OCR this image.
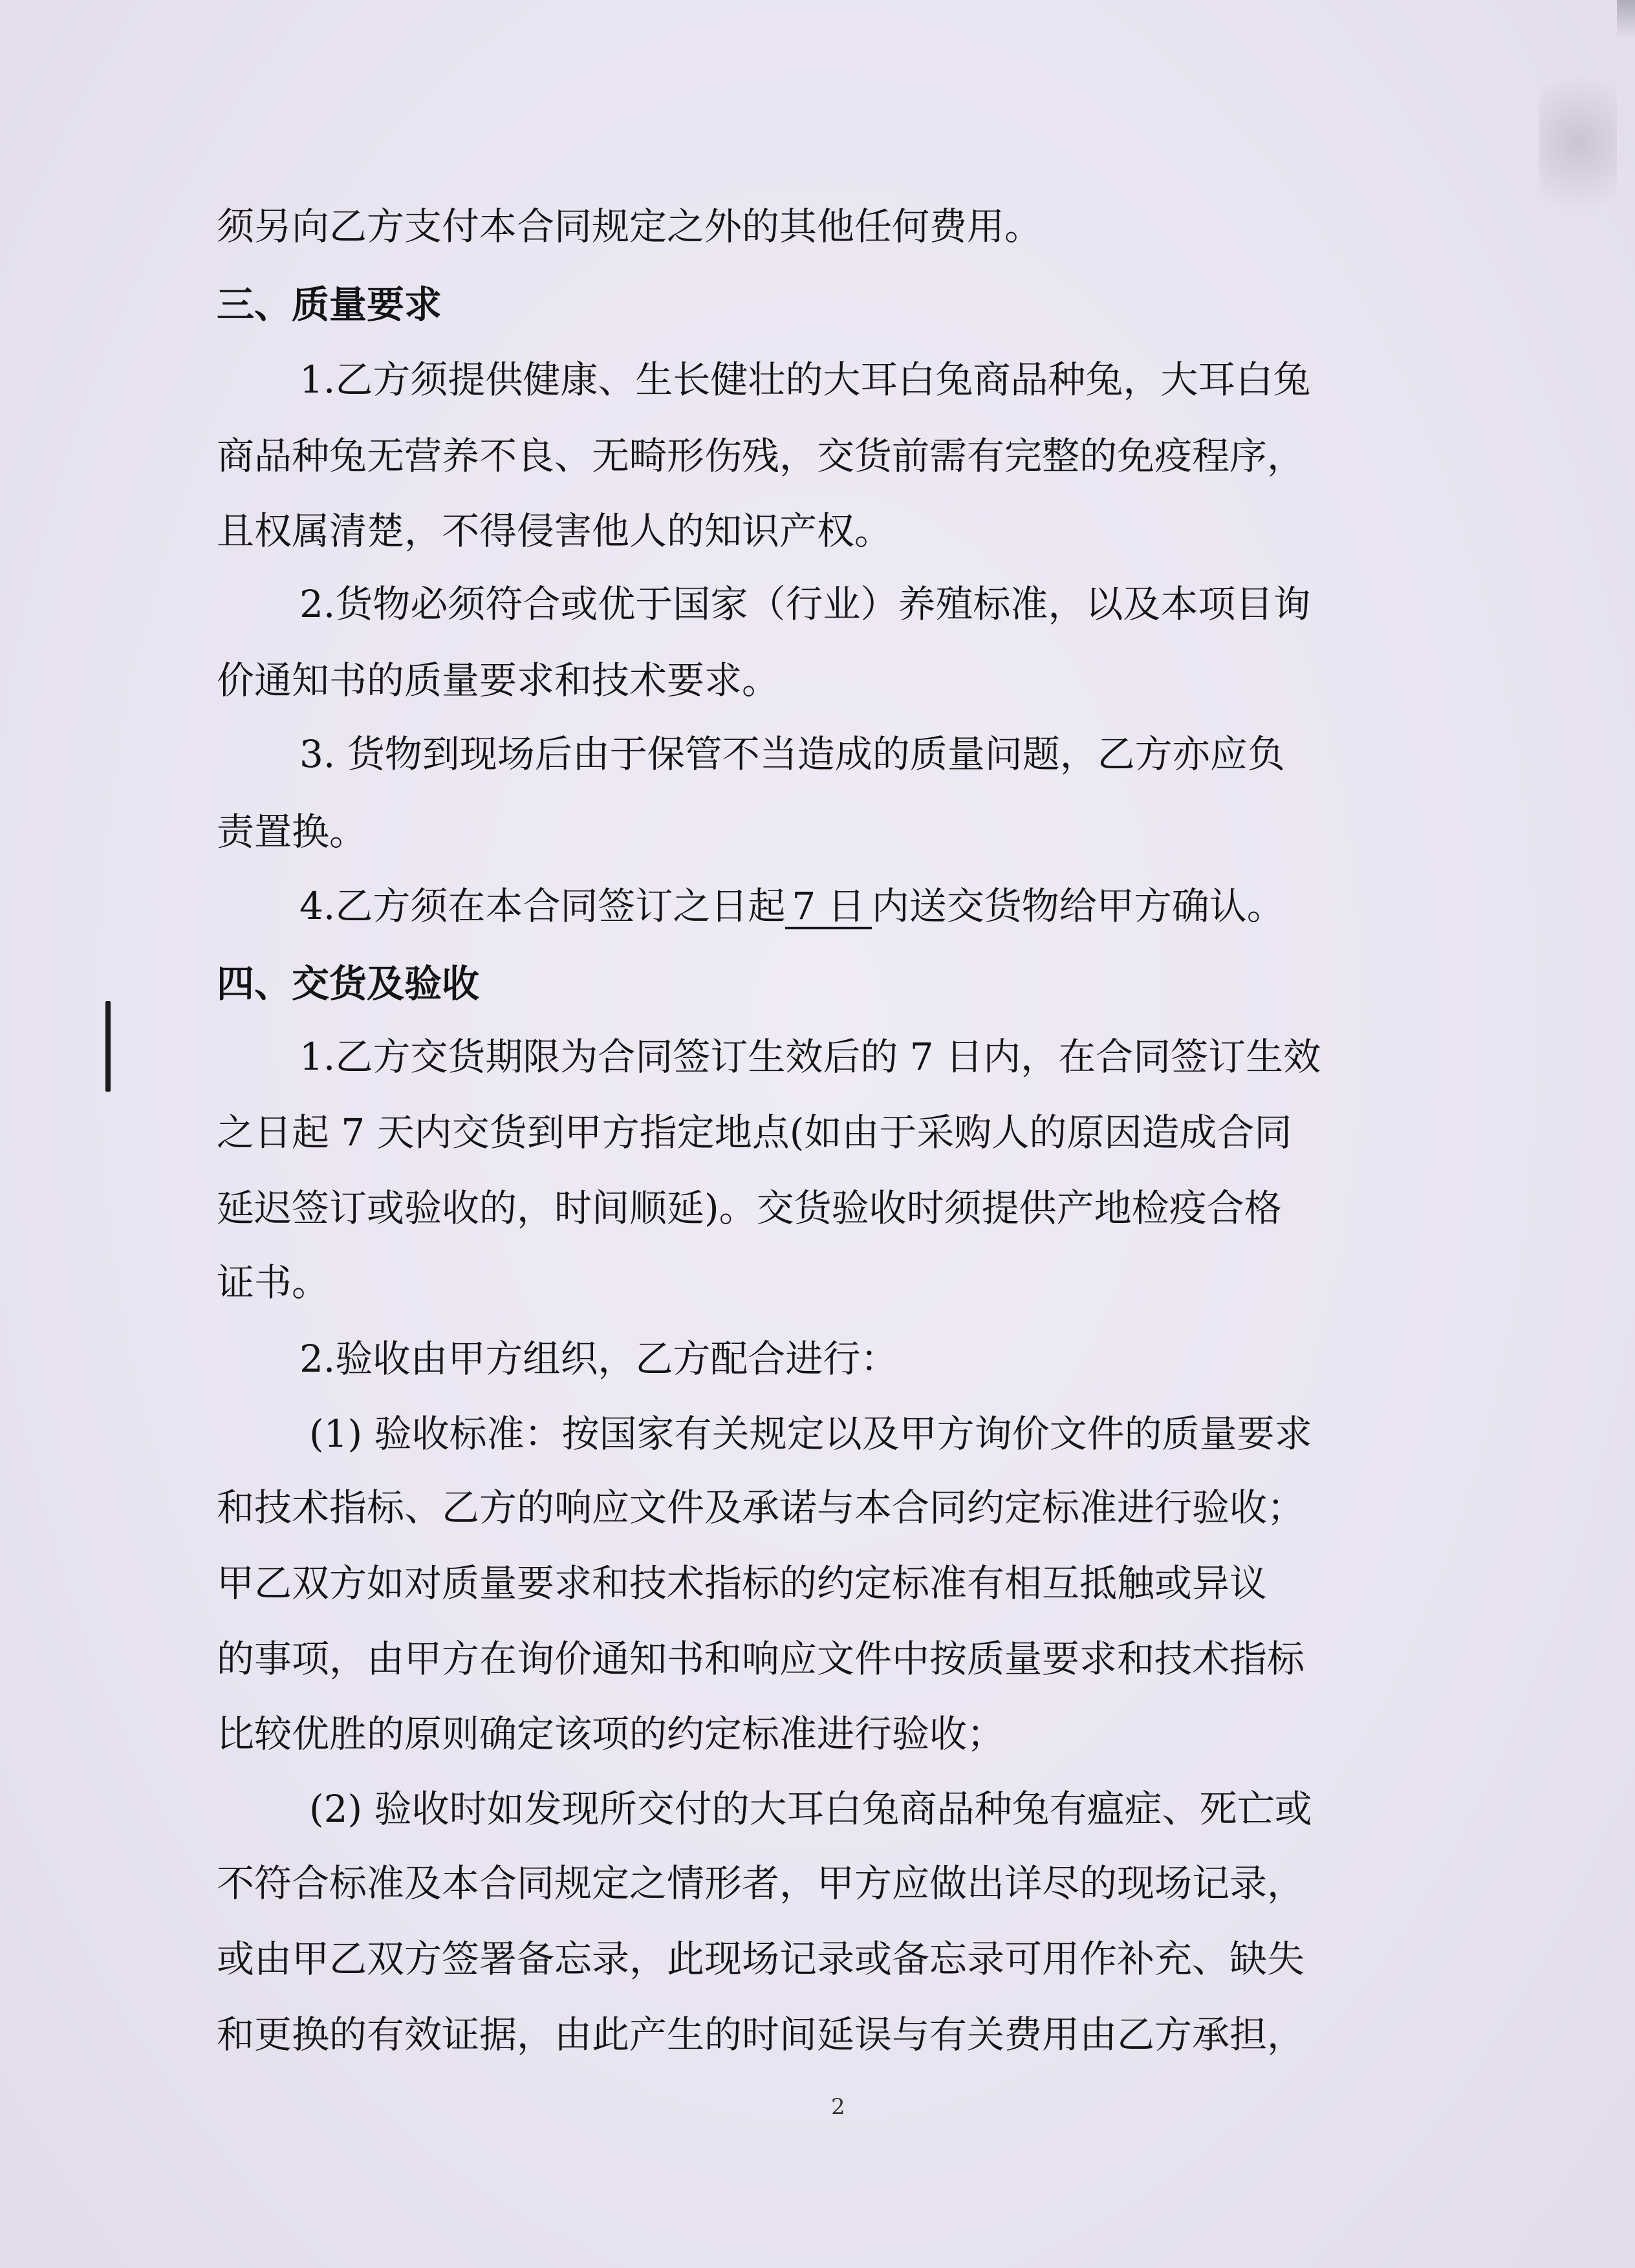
须另向乙方支付本合同规定之外的其他任何费用。
三、质量要求
1.乙方须提供健康、生长健壮的大耳白兔商品种兔，大耳白兔
商品种兔无营养不良、无畸形伤残，交货前需有完整的免疫程序，
且权属清楚，不得侵害他人的知识产权。
2.货物必须符合或优于国家（行业）养殖标准，以及本项目询
价通知书的质量要求和技术要求。
3. 货物到现场后由于保管不当造成的质量问题，乙方亦应负
责置换。
4.乙方须在本合同签订之日起 7 日 内送交货物给甲方确认。
四、交货及验收
1.乙方交货期限为合同签订生效后的 7 日内，在合同签订生效
之日起 7 天内交货到甲方指定地点(如由于采购人的原因造成合同
延迟签订或验收的，时间顺延)。交货验收时须提供产地检疫合格
证书。
2.验收由甲方组织，乙方配合进行：
(1) 验收标准：按国家有关规定以及甲方询价文件的质量要求
和技术指标、乙方的响应文件及承诺与本合同约定标准进行验收；
甲乙双方如对质量要求和技术指标的约定标准有相互抵触或异议
的事项，由甲方在询价通知书和响应文件中按质量要求和技术指标
比较优胜的原则确定该项的约定标准进行验收；
(2) 验收时如发现所交付的大耳白兔商品种兔有瘟症、死亡或
不符合标准及本合同规定之情形者，甲方应做出详尽的现场记录，
或由甲乙双方签署备忘录，此现场记录或备忘录可用作补充、缺失
和更换的有效证据，由此产生的时间延误与有关费用由乙方承担，
2
